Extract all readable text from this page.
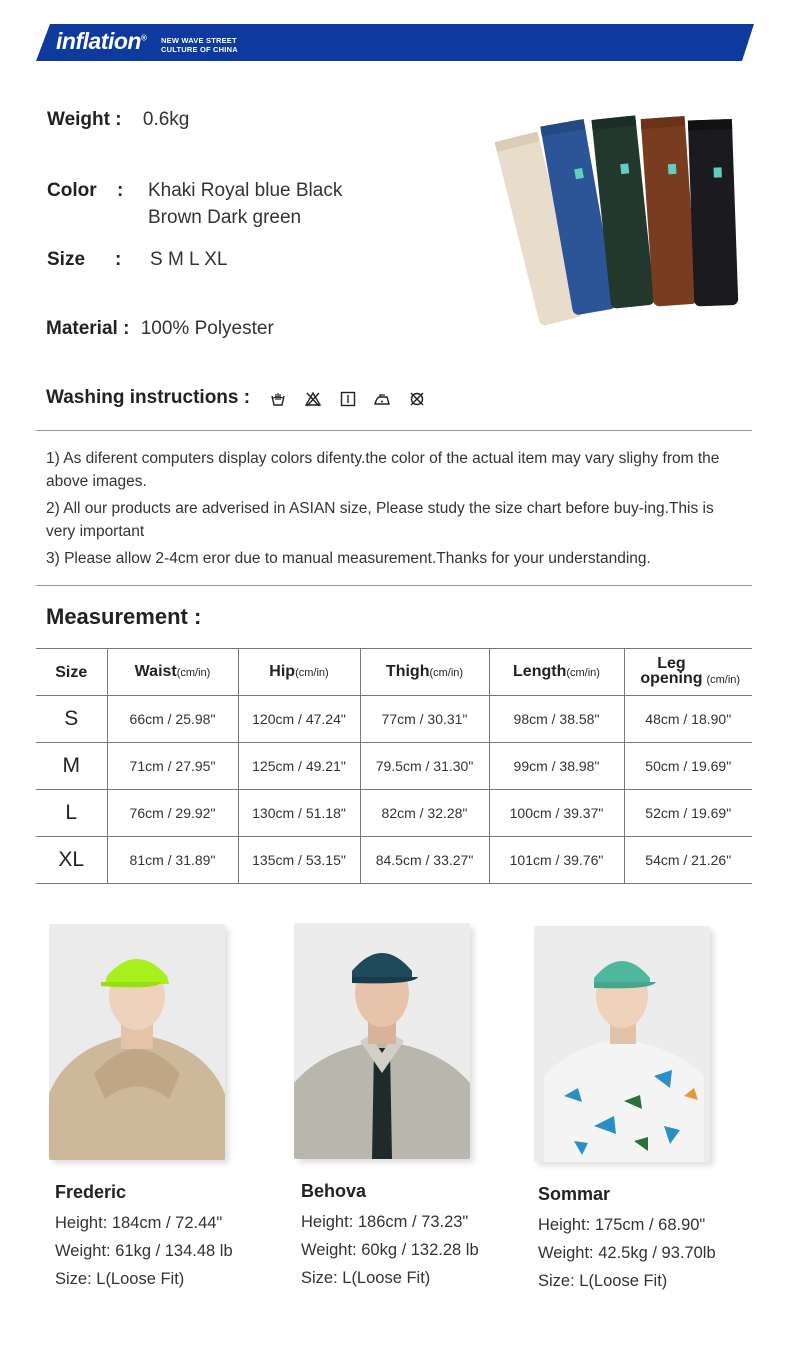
inflation® NEW WAVE STREET
CULTURE OF CHINA
Weight : 0.6kg
Color : Khaki Royal blue Black
Brown Dark green
Size : S M L XL
Material : 100% Polyester
Washing instructions :
1) As diferent computers display colors difenty.the color of the actual item may vary slighy from the above images.
2) All our products are adverised in ASIAN size, Please study the size chart before buy-ing.This is very important
3) Please allow 2-4cm eror due to manual measurement.Thanks for your understanding.
Measurement :
Size	Waist(cm/in)	Hip(cm/in)	Thigh(cm/in)	Length(cm/in)	Leg opening (cm/in)
S	66cm / 25.98"	120cm / 47.24"	77cm / 30.31"	98cm / 38.58"	48cm / 18.90"
M	71cm / 27.95"	125cm / 49.21"	79.5cm / 31.30"	99cm / 38.98"	50cm / 19.69"
L	76cm / 29.92"	130cm / 51.18"	82cm / 32.28"	100cm / 39.37"	52cm / 19.69"
XL	81cm / 31.89"	135cm / 53.15"	84.5cm / 33.27"	101cm / 39.76"	54cm / 21.26"
Frederic
Height: 184cm / 72.44"
Weight: 61kg / 134.48 lb
Size: L(Loose Fit)
Behova
Height: 186cm / 73.23"
Weight: 60kg / 132.28 lb
Size: L(Loose Fit)
Sommar
Height: 175cm / 68.90"
Weight: 42.5kg / 93.70lb
Size: L(Loose Fit)
